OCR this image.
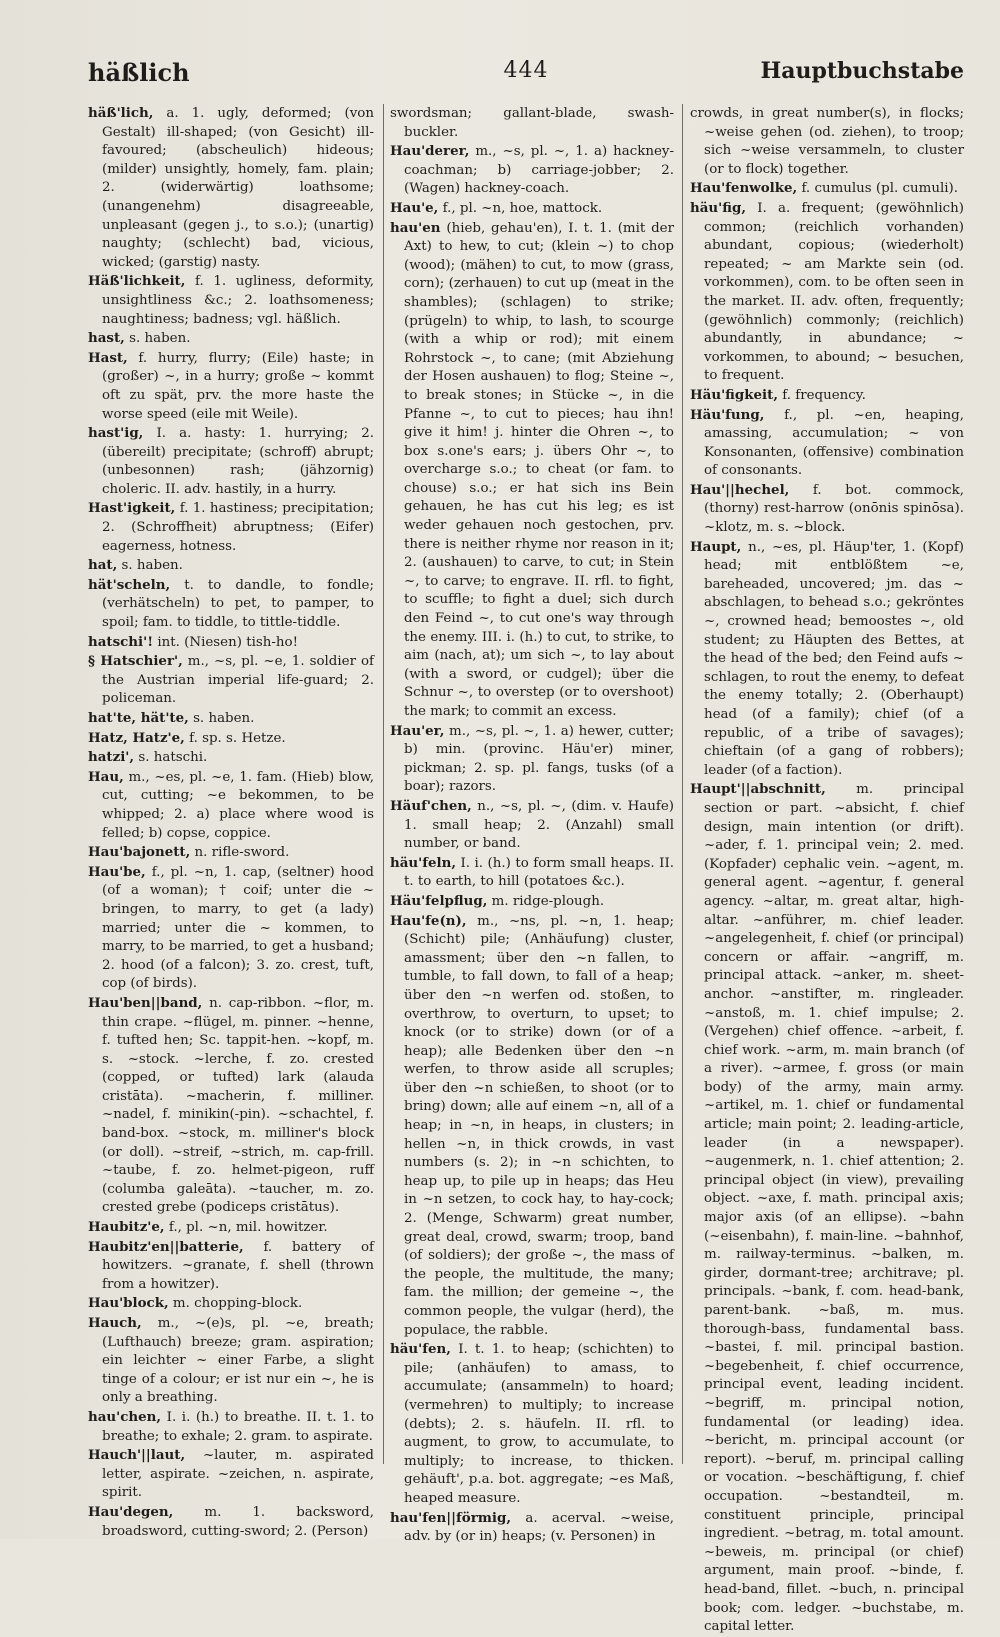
häßlich	444	Hauptbuchstabe

häß'lich, a. 1. ugly, deformed; (von Gestalt) ill-shaped; (von Gesicht) ill-favoured; (abscheulich) hideous; (milder) unsightly, homely, fam. plain; 2. (widerwärtig) loathsome; (unangenehm) disagreeable, unpleasant (gegen j., to s.o.); (unartig) naughty; (schlecht) bad, vicious, wicked; (garstig) nasty.

Häß'lichkeit, f. 1. ugliness, deformity, unsightliness &c.; 2. loathsomeness; naughtiness; badness; vgl. häßlich.

hast, s. haben.

Hast, f. hurry, flurry; (Eile) haste; in (großer) ~, in a hurry; große ~ kommt oft zu spät, prv. the more haste the worse speed (eile mit Weile).

hast'ig, I. a. hasty: 1. hurrying; 2. (übereilt) precipitate; (schroff) abrupt; (unbesonnen) rash; (jähzornig) choleric. II. adv. hastily, in a hurry.

Hast'igkeit, f. 1. hastiness; precipitation; 2. (Schroffheit) abruptness; (Eifer) eagerness, hotness.

hat, s. haben.

hät'scheln, t. to dandle, to fondle; (verhätscheln) to pet, to pamper, to spoil; fam. to tiddle, to tittle-tiddle.

hatschi'! int. (Niesen) tish-ho!

§ Hatschier', m., ~s, pl. ~e, 1. soldier of the Austrian imperial life-guard; 2. policeman.

hat'te, hät'te, s. haben.

Hatz, Hatz'e, f. sp. s. Hetze.

hatzi', s. hatschi.

Hau, m., ~es, pl. ~e, 1. fam. (Hieb) blow, cut, cutting; ~e bekommen, to be whipped; 2. a) place where wood is felled; b) copse, coppice.

Hau'bajonett, n. rifle-sword.

Hau'be, f., pl. ~n, 1. cap, (seltner) hood (of a woman); † coif; unter die ~ bringen, to marry, to get (a lady) married; unter die ~ kommen, to marry, to be married, to get a husband; 2. hood (of a falcon); 3. zo. crest, tuft, cop (of birds).

Hau'ben||band, n. cap-ribbon. ~flor, m. thin crape. ~flügel, m. pinner. ~henne, f. tufted hen; Sc. tappit-hen. ~kopf, m. s. ~stock. ~lerche, f. zo. crested (copped, or tufted) lark (alauda cristāta). ~macherin, f. milliner. ~nadel, f. minikin(-pin). ~schachtel, f. band-box. ~stock, m. milliner's block (or doll). ~streif, ~strich, m. cap-frill. ~taube, f. zo. helmet-pigeon, ruff (columba galeāta). ~taucher, m. zo. crested grebe (podiceps cristātus).

Haubitz'e, f., pl. ~n, mil. howitzer.

Haubitz'en||batterie, f. battery of howitzers. ~granate, f. shell (thrown from a howitzer).

Hau'block, m. chopping-block.

Hauch, m., ~(e)s, pl. ~e, breath; (Lufthauch) breeze; gram. aspiration; ein leichter ~ einer Farbe, a slight tinge of a colour; er ist nur ein ~, he is only a breathing.

hau'chen, I. i. (h.) to breathe. II. t. 1. to breathe; to exhale; 2. gram. to aspirate.

Hauch'||laut, ~lauter, m. aspirated letter, aspirate. ~zeichen, n. aspirate, spirit.

Hau'degen, m. 1. backsword, broadsword, cutting-sword; 2. (Person)

swordsman; gallant-blade, swash-buckler.

Hau'derer, m., ~s, pl. ~, 1. a) hackney-coachman; b) carriage-jobber; 2. (Wagen) hackney-coach.

Hau'e, f., pl. ~n, hoe, mattock.

hau'en (hieb, gehau'en), I. t. 1. (mit der Axt) to hew, to cut; (klein ~) to chop (wood); (mähen) to cut, to mow (grass, corn); (zerhauen) to cut up (meat in the shambles); (schlagen) to strike; (prügeln) to whip, to lash, to scourge (with a whip or rod); mit einem Rohrstock ~, to cane; (mit Abziehung der Hosen aushauen) to flog; Steine ~, to break stones; in Stücke ~, in die Pfanne ~, to cut to pieces; hau ihn! give it him! j. hinter die Ohren ~, to box s.one's ears; j. übers Ohr ~, to overcharge s.o.; to cheat (or fam. to chouse) s.o.; er hat sich ins Bein gehauen, he has cut his leg; es ist weder gehauen noch gestochen, prv. there is neither rhyme nor reason in it; 2. (aushauen) to carve, to cut; in Stein ~, to carve; to engrave. II. rfl. to fight, to scuffle; to fight a duel; sich durch den Feind ~, to cut one's way through the enemy. III. i. (h.) to cut, to strike, to aim (nach, at); um sich ~, to lay about (with a sword, or cudgel); über die Schnur ~, to overstep (or to overshoot) the mark; to commit an excess.

Hau'er, m., ~s, pl. ~, 1. a) hewer, cutter; b) min. (provinc. Häu'er) miner, pickman; 2. sp. pl. fangs, tusks (of a boar); razors.

Häuf'chen, n., ~s, pl. ~, (dim. v. Haufe) 1. small heap; 2. (Anzahl) small number, or band.

häu'feln, I. i. (h.) to form small heaps. II. t. to earth, to hill (potatoes &c.).

Häu'felpflug, m. ridge-plough.

Hau'fe(n), m., ~ns, pl. ~n, 1. heap; (Schicht) pile; (Anhäufung) cluster, amassment; über den ~n fallen, to tumble, to fall down, to fall of a heap; über den ~n werfen od. stoßen, to overthrow, to overturn, to upset; to knock (or to strike) down (or of a heap); alle Bedenken über den ~n werfen, to throw aside all scruples; über den ~n schießen, to shoot (or to bring) down; alle auf einem ~n, all of a heap; in ~n, in heaps, in clusters; in hellen ~n, in thick crowds, in vast numbers (s. 2); in ~n schichten, to heap up, to pile up in heaps; das Heu in ~n setzen, to cock hay, to hay-cock; 2. (Menge, Schwarm) great number, great deal, crowd, swarm; troop, band (of soldiers); der große ~, the mass of the people, the multitude, the many; fam. the million; der gemeine ~, the common people, the vulgar (herd), the populace, the rabble.

häu'fen, I. t. 1. to heap; (schichten) to pile; (anhäufen) to amass, to accumulate; (ansammeln) to hoard; (vermehren) to multiply; to increase (debts); 2. s. häufeln. II. rfl. to augment, to grow, to accumulate, to multiply; to increase, to thicken. gehäuft', p.a. bot. aggregate; ~es Maß, heaped measure.

hau'fen||förmig, a. acerval. ~weise, adv. by (or in) heaps; (v. Personen) in

crowds, in great number(s), in flocks; ~weise gehen (od. ziehen), to troop; sich ~weise versammeln, to cluster (or to flock) together.

Hau'fenwolke, f. cumulus (pl. cumuli).

häu'fig, I. a. frequent; (gewöhnlich) common; (reichlich vorhanden) abundant, copious; (wiederholt) repeated; ~ am Markte sein (od. vorkommen), com. to be often seen in the market. II. adv. often, frequently; (gewöhnlich) commonly; (reichlich) abundantly, in abundance; ~ vorkommen, to abound; ~ besuchen, to frequent.

Häu'figkeit, f. frequency.

Häu'fung, f., pl. ~en, heaping, amassing, accumulation; ~ von Konsonanten, (offensive) combination of consonants.

Hau'||hechel, f. bot. commock, (thorny) rest-harrow (onōnis spinōsa). ~klotz, m. s. ~block.

Haupt, n., ~es, pl. Häup'ter, 1. (Kopf) head; mit entblößtem ~e, bareheaded, uncovered; jm. das ~ abschlagen, to behead s.o.; gekröntes ~, crowned head; bemoostes ~, old student; zu Häupten des Bettes, at the head of the bed; den Feind aufs ~ schlagen, to rout the enemy, to defeat the enemy totally; 2. (Oberhaupt) head (of a family); chief (of a republic, of a tribe of savages); chieftain (of a gang of robbers); leader (of a faction).

Haupt'||abschnitt, m. principal section or part. ~absicht, f. chief design, main intention (or drift). ~ader, f. 1. principal vein; 2. med. (Kopfader) cephalic vein. ~agent, m. general agent. ~agentur, f. general agency. ~altar, m. great altar, high-altar. ~anführer, m. chief leader. ~angelegenheit, f. chief (or principal) concern or affair. ~angriff, m. principal attack. ~anker, m. sheet-anchor. ~anstifter, m. ringleader. ~anstoß, m. 1. chief impulse; 2. (Vergehen) chief offence. ~arbeit, f. chief work. ~arm, m. main branch (of a river). ~armee, f. gross (or main body) of the army, main army. ~artikel, m. 1. chief or fundamental article; main point; 2. leading-article, leader (in a newspaper). ~augenmerk, n. 1. chief attention; 2. principal object (in view), prevailing object. ~axe, f. math. principal axis; major axis (of an ellipse). ~bahn (~eisenbahn), f. main-line. ~bahnhof, m. railway-terminus. ~balken, m. girder, dormant-tree; architrave; pl. principals. ~bank, f. com. head-bank, parent-bank. ~baß, m. mus. thorough-bass, fundamental bass. ~bastei, f. mil. principal bastion. ~begebenheit, f. chief occurrence, principal event, leading incident. ~begriff, m. principal notion, fundamental (or leading) idea. ~bericht, m. principal account (or report). ~beruf, m. principal calling or vocation. ~beschäftigung, f. chief occupation. ~bestandteil, m. constituent principle, principal ingredient. ~betrag, m. total amount. ~beweis, m. principal (or chief) argument, main proof. ~binde, f. head-band, fillet. ~buch, n. principal book; com. ledger. ~buchstabe, m. capital letter.
